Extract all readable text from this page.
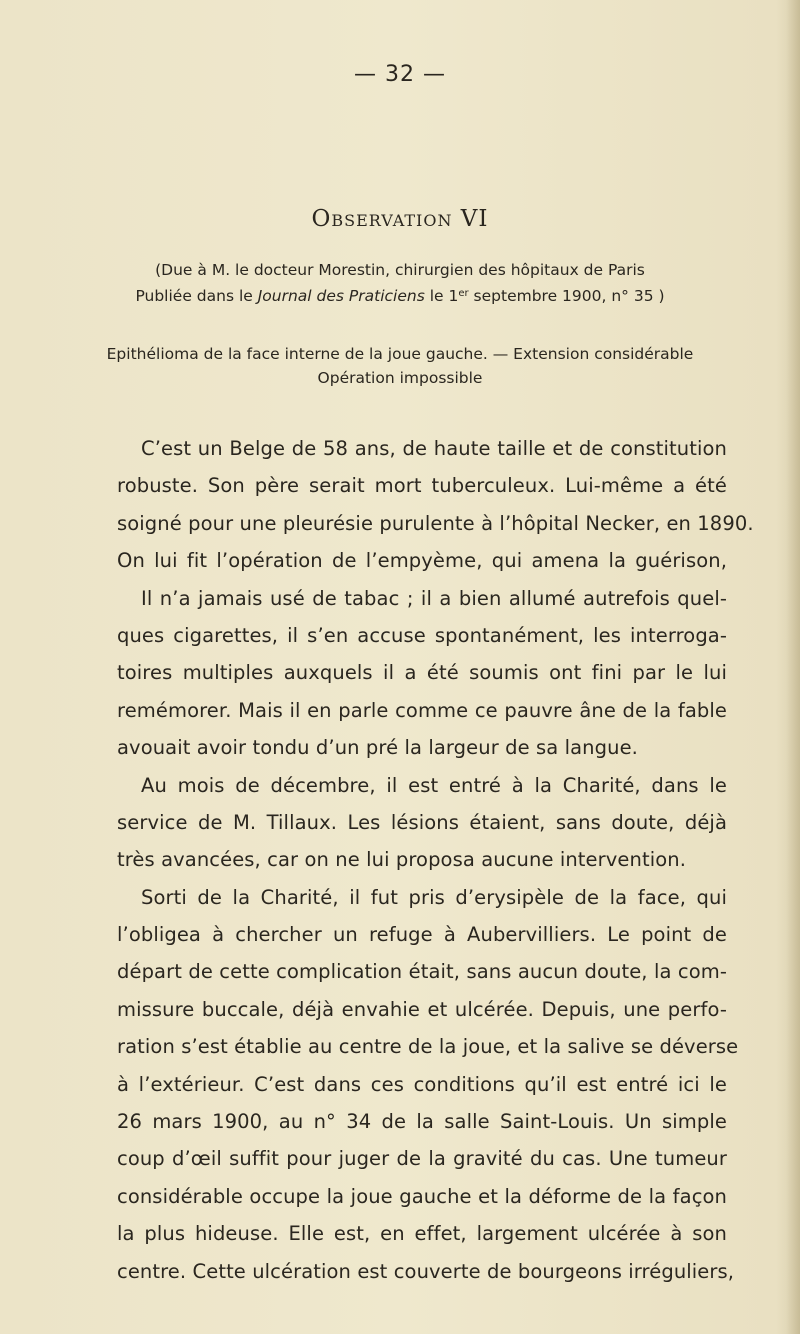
— 32 —
Observation VI
(Due à M. le docteur Morestin, chirurgien des hôpitaux de Paris
Publiée dans le Journal des Praticiens le 1er septembre 1900, n° 35 )
Epithélioma de la face interne de la joue gauche. — Extension considérable
Opération impossible
C’est un Belge de 58 ans, de haute taille et de constitution
robuste. Son père serait mort tuberculeux. Lui-même a été
soigné pour une pleurésie purulente à l’hôpital Necker, en 1890.
On lui fit l’opération de l’empyème, qui amena la guérison,
Il n’a jamais usé de tabac ; il a bien allumé autrefois quel-
ques cigarettes, il s’en accuse spontanément, les interroga-
toires multiples auxquels il a été soumis ont fini par le lui
remémorer. Mais il en parle comme ce pauvre âne de la fable
avouait avoir tondu d’un pré la largeur de sa langue.
Au mois de décembre, il est entré à la Charité, dans le
service de M. Tillaux. Les lésions étaient, sans doute, déjà
très avancées, car on ne lui proposa aucune intervention.
Sorti de la Charité, il fut pris d’erysipèle de la face, qui
l’obligea à chercher un refuge à Aubervilliers. Le point de
départ de cette complication était, sans aucun doute, la com-
missure buccale, déjà envahie et ulcérée. Depuis, une perfo-
ration s’est établie au centre de la joue, et la salive se déverse
à l’extérieur. C’est dans ces conditions qu’il est entré ici le
26 mars 1900, au n° 34 de la salle Saint-Louis. Un simple
coup d’œil suffit pour juger de la gravité du cas. Une tumeur
considérable occupe la joue gauche et la déforme de la façon
la plus hideuse. Elle est, en effet, largement ulcérée à son
centre. Cette ulcération est couverte de bourgeons irréguliers,
